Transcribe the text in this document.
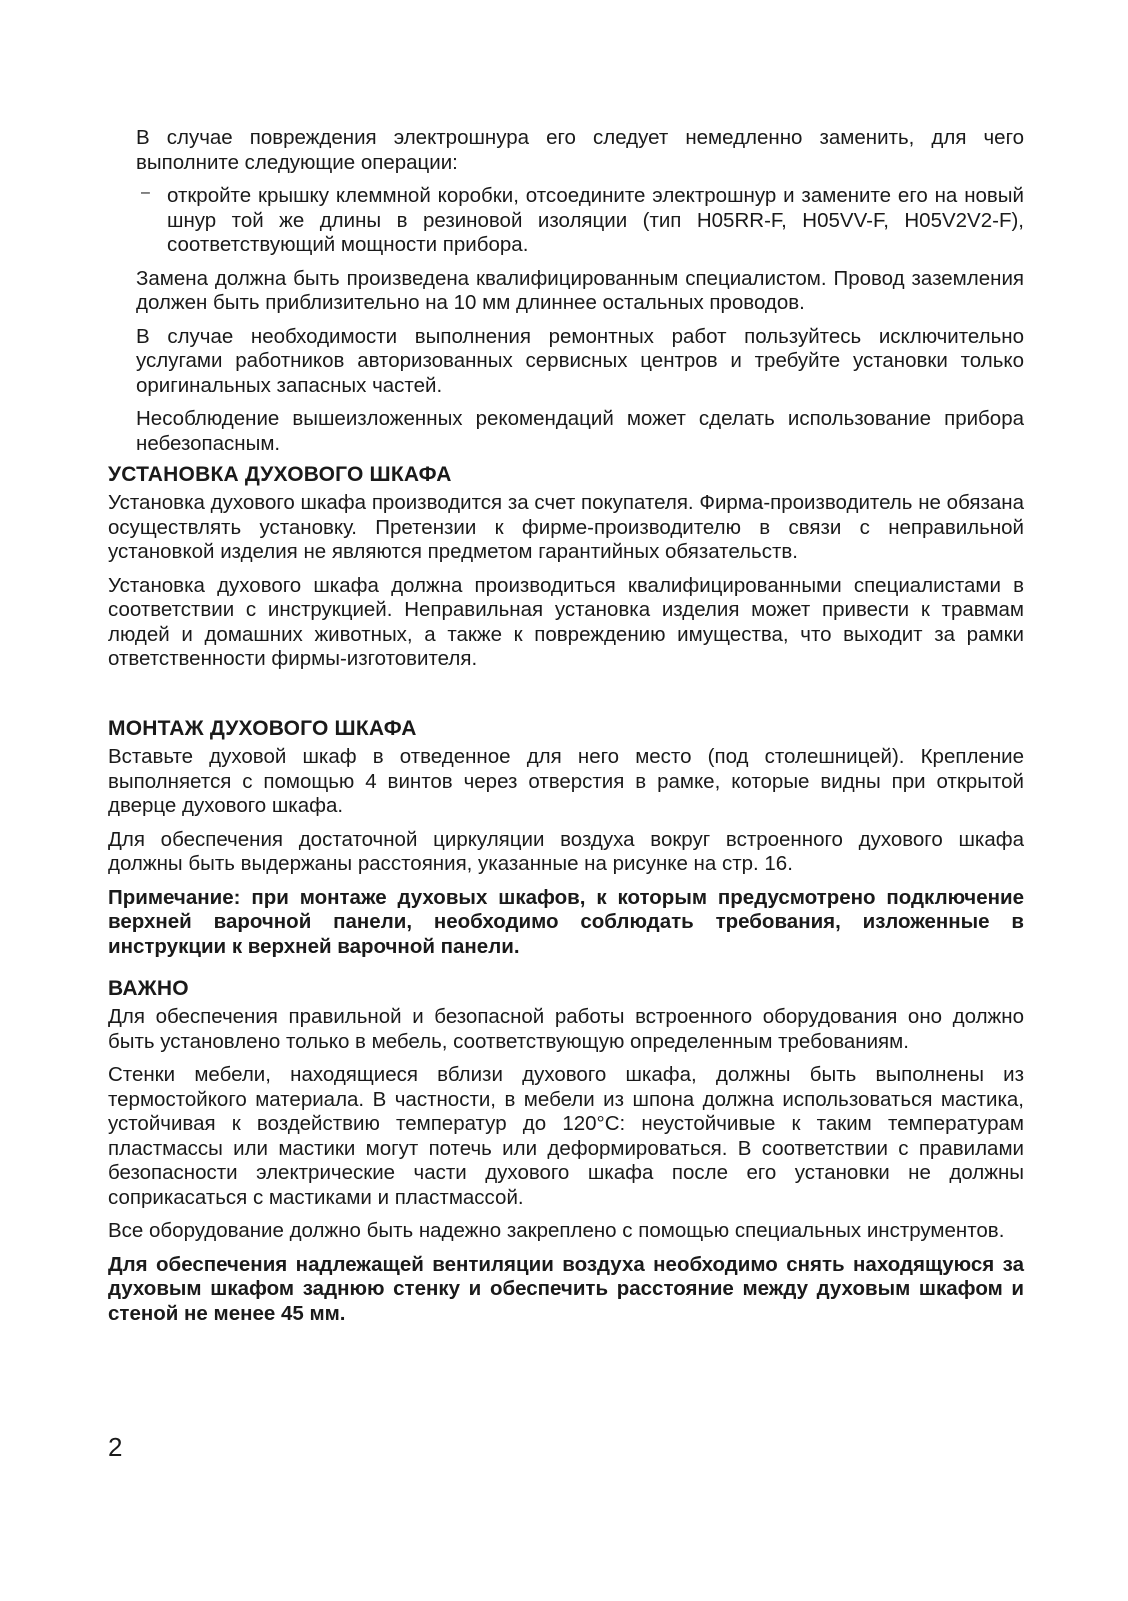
В случае повреждения электрошнура его следует немедленно заменить, для чего выполните следующие операции:

– откройте крышку клеммной коробки, отсоедините электрошнур и замените его на новый шнур той же длины в резиновой изоляции (тип H05RR-F, H05VV-F, H05V2V2-F), соответствующий мощности прибора.

Замена должна быть произведена квалифицированным специалистом. Провод заземления должен быть приблизительно на 10 мм длиннее остальных проводов.

В случае необходимости выполнения ремонтных работ пользуйтесь исключительно услугами работников авторизованных сервисных центров и требуйте установки только оригинальных запасных частей.

Несоблюдение вышеизложенных рекомендаций может сделать использование прибора небезопасным.

УСТАНОВКА ДУХОВОГО ШКАФА

Установка духового шкафа производится за счет покупателя. Фирма-производитель не обязана осуществлять установку. Претензии к фирме-производителю в связи с неправильной установкой изделия не являются предметом гарантийных обязательств.

Установка духового шкафа должна производиться квалифицированными специалистами в соответствии с инструкцией. Неправильная установка изделия может привести к травмам людей и домашних животных, а также к повреждению имущества, что выходит за рамки ответственности фирмы-изготовителя.

МОНТАЖ ДУХОВОГО ШКАФА

Вставьте духовой шкаф в отведенное для него место (под столешницей). Крепление выполняется с помощью 4 винтов через отверстия в рамке, которые видны при открытой дверце духового шкафа.

Для обеспечения достаточной циркуляции воздуха вокруг встроенного духового шкафа должны быть выдержаны расстояния, указанные на рисунке на стр. 16.

Примечание: при монтаже духовых шкафов, к которым предусмотрено подключение верхней варочной панели, необходимо соблюдать требования, изложенные в инструкции к верхней варочной панели.

ВАЖНО

Для обеспечения правильной и безопасной работы встроенного оборудования оно должно быть установлено только в мебель, соответствующую определенным требованиям.

Стенки мебели, находящиеся вблизи духового шкафа, должны быть выполнены из термостойкого материала. В частности, в мебели из шпона должна использоваться мастика, устойчивая к воздействию температур до 120°C: неустойчивые к таким температурам пластмассы или мастики могут потечь или деформироваться. В соответствии с правилами безопасности электрические части духового шкафа после его установки не должны соприкасаться с мастиками и пластмассой.

Все оборудование должно быть надежно закреплено с помощью специальных инструментов.

Для обеспечения надлежащей вентиляции воздуха необходимо снять находящуюся за духовым шкафом заднюю стенку и обеспечить расстояние между духовым шкафом и стеной не менее 45 мм.

2
